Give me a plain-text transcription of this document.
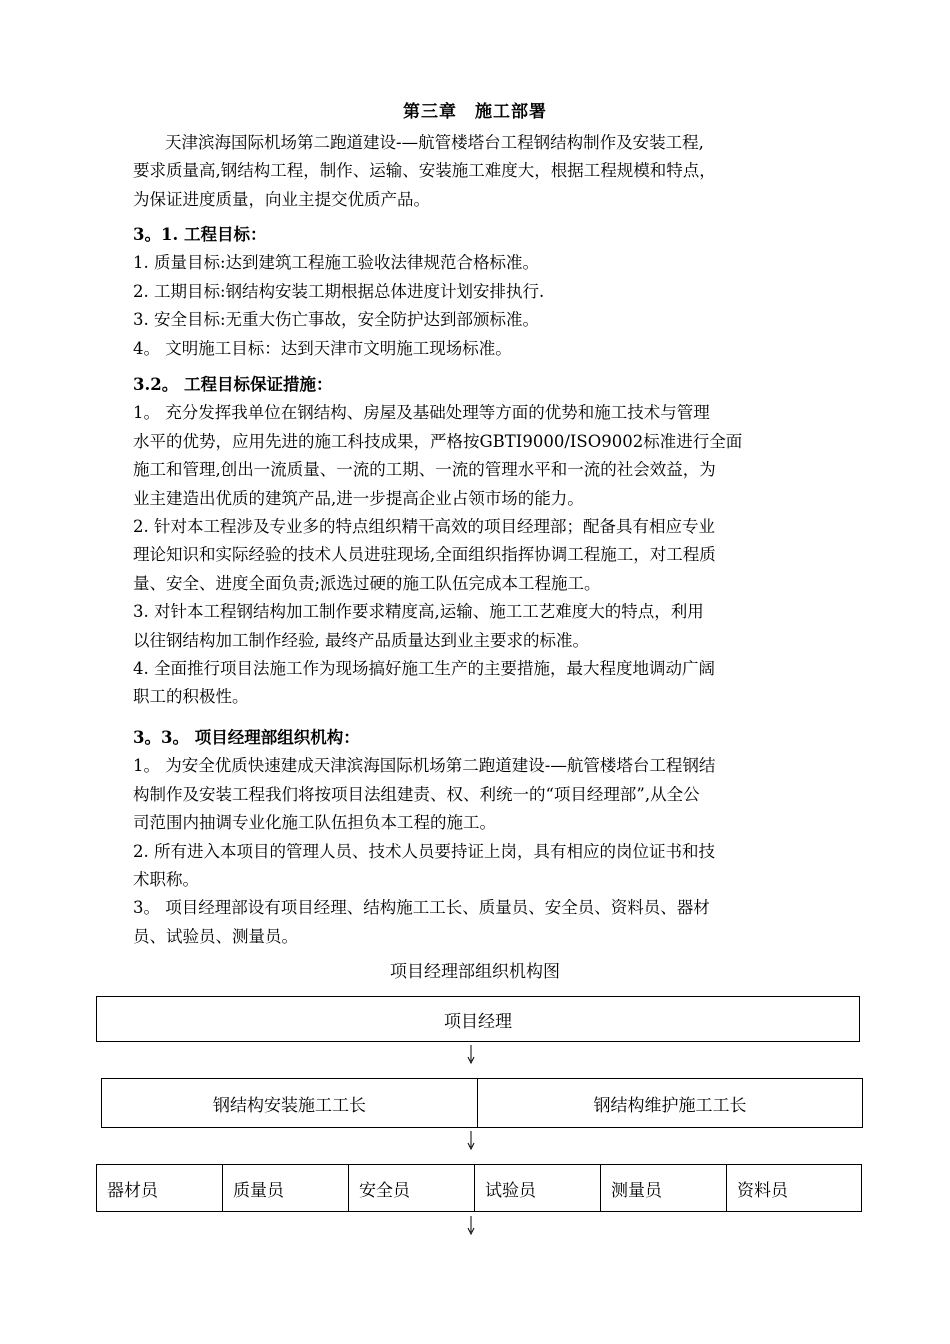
第三章　施工部署
天津滨海国际机场第二跑道建设-—航管楼塔台工程钢结构制作及安装工程,
要求质量高,钢结构工程，制作、运输、安装施工难度大，根据工程规模和特点，
为保证进度质量，向业主提交优质产品。
3。1. 工程目标：
1. 质量目标:达到建筑工程施工验收法律规范合格标准。
2. 工期目标:钢结构安装工期根据总体进度计划安排执行.
3. 安全目标:无重大伤亡事故，安全防护达到部颁标准。
4。 文明施工目标：达到天津市文明施工现场标准。
3.2。 工程目标保证措施：
1。 充分发挥我单位在钢结构、房屋及基础处理等方面的优势和施工技术与管理
水平的优势，应用先进的施工科技成果，严格按GBTI9000/ISO9002标准进行全面
施工和管理,创出一流质量、一流的工期、一流的管理水平和一流的社会效益，为
业主建造出优质的建筑产品,进一步提高企业占领市场的能力。
2. 针对本工程涉及专业多的特点组织精干高效的项目经理部；配备具有相应专业
理论知识和实际经验的技术人员进驻现场,全面组织指挥协调工程施工，对工程质
量、安全、进度全面负责;派选过硬的施工队伍完成本工程施工。
3. 对针本工程钢结构加工制作要求精度高,运输、施工工艺难度大的特点，利用
以往钢结构加工制作经验, 最终产品质量达到业主要求的标准。
4. 全面推行项目法施工作为现场搞好施工生产的主要措施，最大程度地调动广阔
职工的积极性。
3。3。 项目经理部组织机构：
1。 为安全优质快速建成天津滨海国际机场第二跑道建设-—航管楼塔台工程钢结
构制作及安装工程我们将按项目法组建责、权、利统一的“项目经理部”,从全公
司范围内抽调专业化施工队伍担负本工程的施工。
2. 所有进入本项目的管理人员、技术人员要持证上岗，具有相应的岗位证书和技
术职称。
3。 项目经理部设有项目经理、结构施工工长、质量员、安全员、资料员、器材
员、试验员、测量员。
项目经理部组织机构图
项目经理
钢结构安装施工工长	钢结构维护施工工长
器材员	质量员	安全员	试验员	测量员	资料员
